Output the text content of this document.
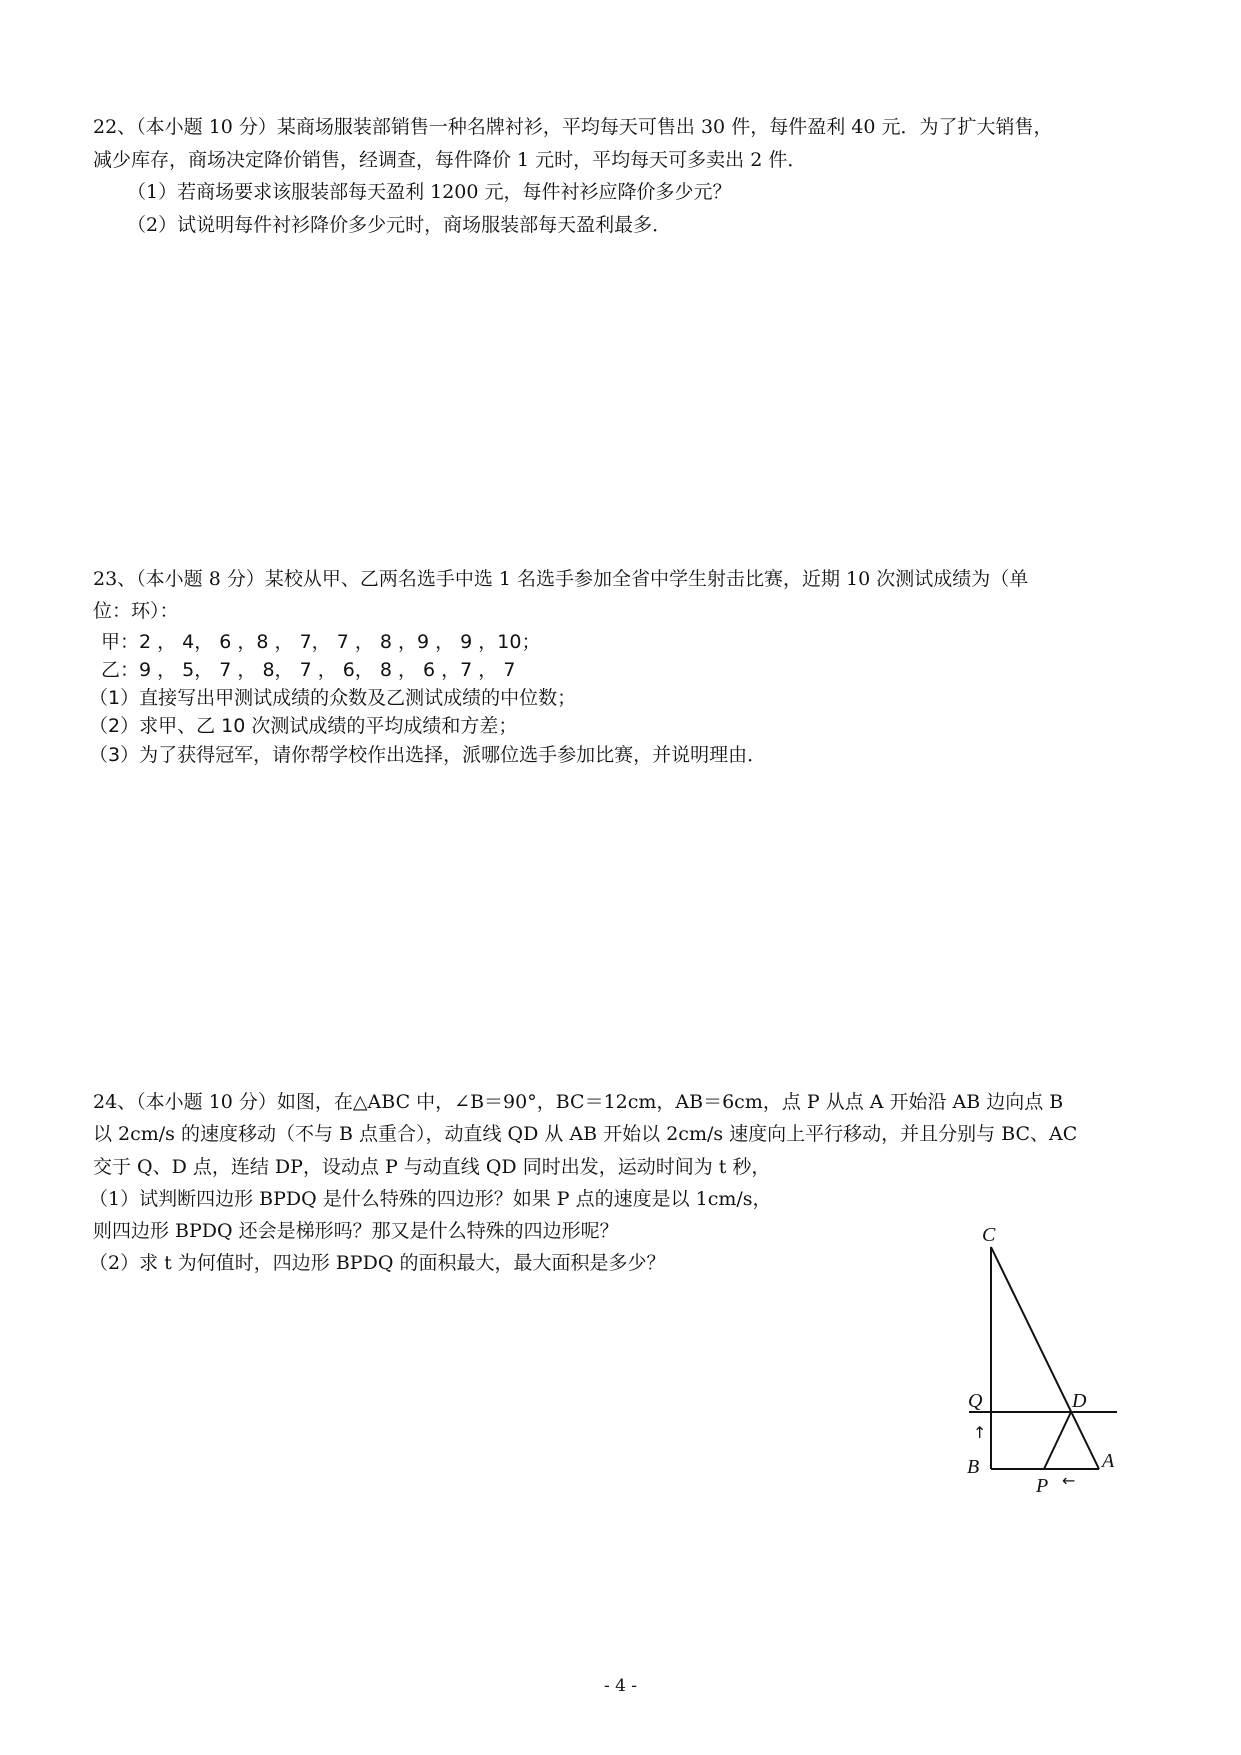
22、（本小题 10 分）某商场服装部销售一种名牌衬衫，平均每天可售出 30 件，每件盈利 40 元．为了扩大销售，
减少库存，商场决定降价销售，经调查，每件降价 1 元时，平均每天可多卖出 2 件．
（1）若商场要求该服装部每天盈利 1200 元，每件衬衫应降价多少元？
（2）试说明每件衬衫降价多少元时，商场服装部每天盈利最多．
23、（本小题 8 分）某校从甲、乙两名选手中选 1 名选手参加全省中学生射击比赛，近期 10 次测试成绩为（单
位：环）：
甲：2 ， 4， 6 ，8 ， 7， 7 ， 8 ，9 ， 9 ，10；
乙：9 ， 5， 7 ， 8， 7 ， 6， 8 ， 6 ，7 ， 7
（1）直接写出甲测试成绩的众数及乙测试成绩的中位数；
（2）求甲、乙 10 次测试成绩的平均成绩和方差；
（3）为了获得冠军，请你帮学校作出选择，派哪位选手参加比赛，并说明理由．
24、（本小题 10 分）如图，在△ABC 中，∠B＝90°，BC＝12cm，AB＝6cm，点 P 从点 A 开始沿 AB 边向点 B
以 2cm/s 的速度移动（不与 B 点重合），动直线 QD 从 AB 开始以 2cm/s 速度向上平行移动，并且分别与 BC、AC
交于 Q、D 点，连结 DP，设动点 P 与动直线 QD 同时出发，运动时间为 t 秒，
（1）试判断四边形 BPDQ 是什么特殊的四边形？如果 P 点的速度是以 1cm/s，
则四边形 BPDQ 还会是梯形吗？那又是什么特殊的四边形呢？
（2）求 t 为何值时，四边形 BPDQ 的面积最大，最大面积是多少？
C
Q	D
B
P
A
↑
←
- 4 -
